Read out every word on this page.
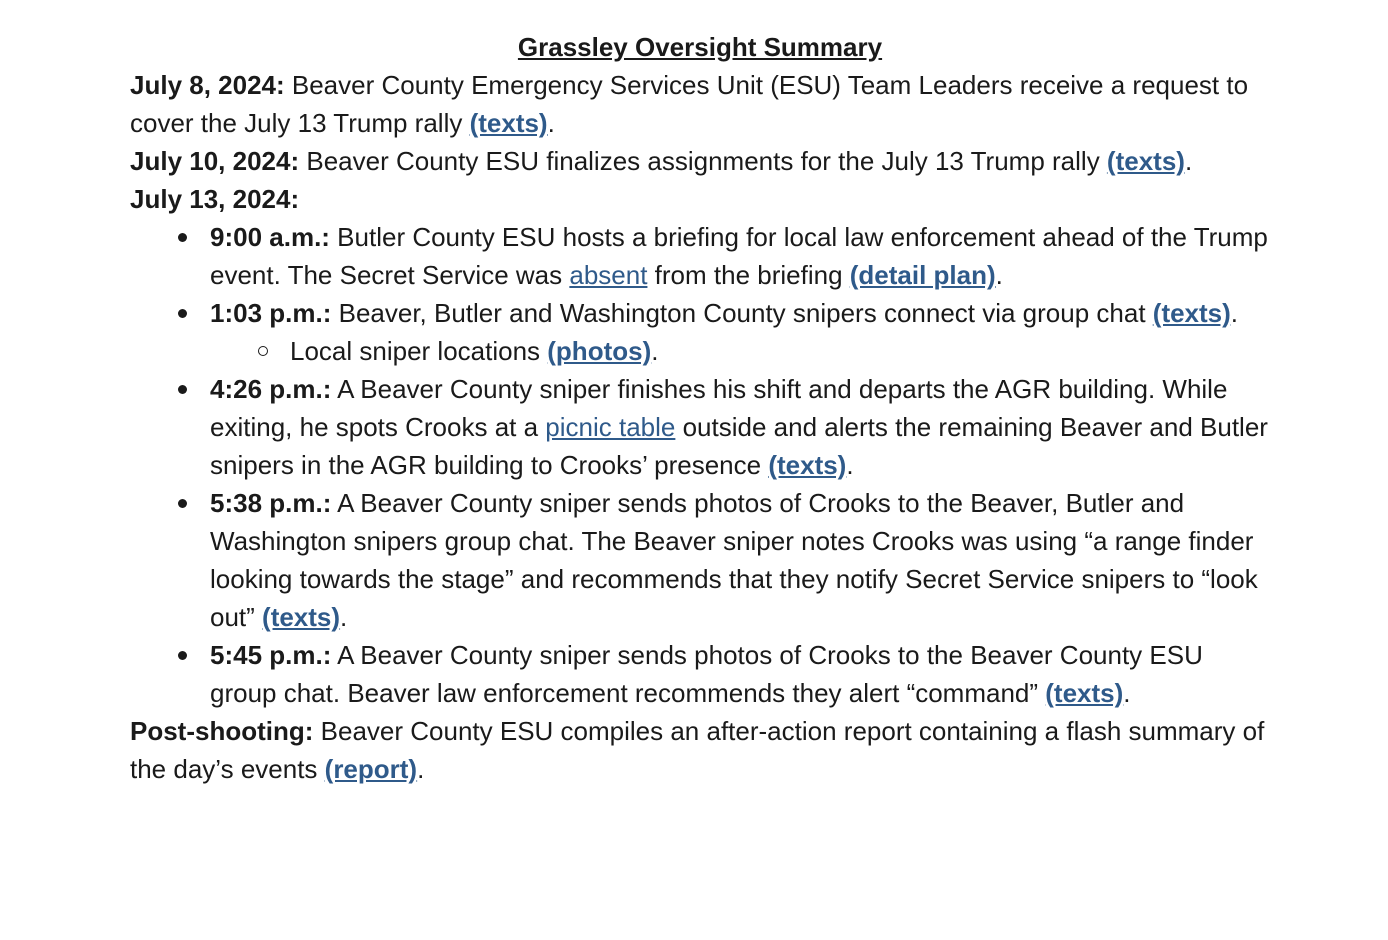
Grassley Oversight Summary

July 8, 2024: Beaver County Emergency Services Unit (ESU) Team Leaders receive a request to cover the July 13 Trump rally (texts).

July 10, 2024: Beaver County ESU finalizes assignments for the July 13 Trump rally (texts).

July 13, 2024:

9:00 a.m.: Butler County ESU hosts a briefing for local law enforcement ahead of the Trump event. The Secret Service was absent from the briefing (detail plan).
1:03 p.m.: Beaver, Butler and Washington County snipers connect via group chat (texts).
Local sniper locations (photos).
4:26 p.m.: A Beaver County sniper finishes his shift and departs the AGR building. While exiting, he spots Crooks at a picnic table outside and alerts the remaining Beaver and Butler snipers in the AGR building to Crooks’ presence (texts).
5:38 p.m.: A Beaver County sniper sends photos of Crooks to the Beaver, Butler and Washington snipers group chat. The Beaver sniper notes Crooks was using “a range finder looking towards the stage” and recommends that they notify Secret Service snipers to “look out” (texts).
5:45 p.m.: A Beaver County sniper sends photos of Crooks to the Beaver County ESU group chat. Beaver law enforcement recommends they alert “command” (texts).

Post-shooting: Beaver County ESU compiles an after-action report containing a flash summary of the day’s events (report).
